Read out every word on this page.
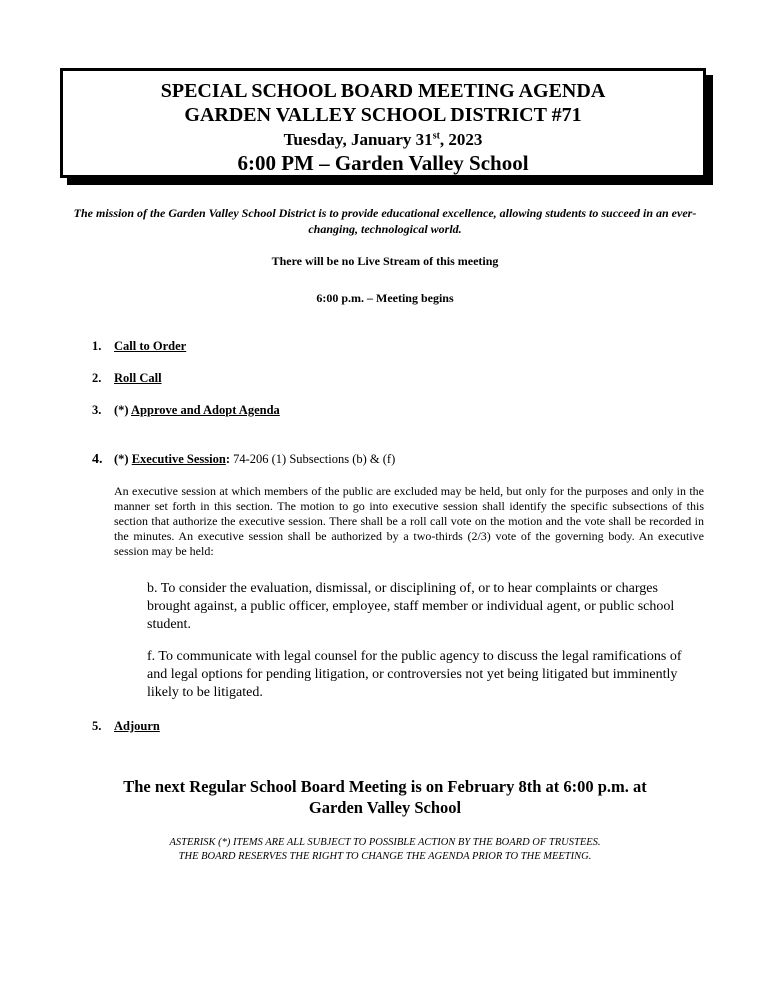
SPECIAL SCHOOL BOARD MEETING AGENDA
GARDEN VALLEY SCHOOL DISTRICT #71
Tuesday, January 31st, 2023
6:00 PM – Garden Valley School
The mission of the Garden Valley School District is to provide educational excellence, allowing students to succeed in an ever-changing, technological world.
There will be no Live Stream of this meeting
6:00 p.m. – Meeting begins
1. Call to Order
2. Roll Call
3. (*) Approve and Adopt Agenda
4. (*) Executive Session: 74-206 (1) Subsections (b) & (f)
An executive session at which members of the public are excluded may be held, but only for the purposes and only in the manner set forth in this section. The motion to go into executive session shall identify the specific subsections of this section that authorize the executive session. There shall be a roll call vote on the motion and the vote shall be recorded in the minutes. An executive session shall be authorized by a two-thirds (2/3) vote of the governing body. An executive session may be held:
b. To consider the evaluation, dismissal, or disciplining of, or to hear complaints or charges brought against, a public officer, employee, staff member or individual agent, or public school student.
f. To communicate with legal counsel for the public agency to discuss the legal ramifications of and legal options for pending litigation, or controversies not yet being litigated but imminently likely to be litigated.
5. Adjourn
The next Regular School Board Meeting is on February 8th at 6:00 p.m. at
Garden Valley School
ASTERISK (*) ITEMS ARE ALL SUBJECT TO POSSIBLE ACTION BY THE BOARD OF TRUSTEES.
THE BOARD RESERVES THE RIGHT TO CHANGE THE AGENDA PRIOR TO THE MEETING.
